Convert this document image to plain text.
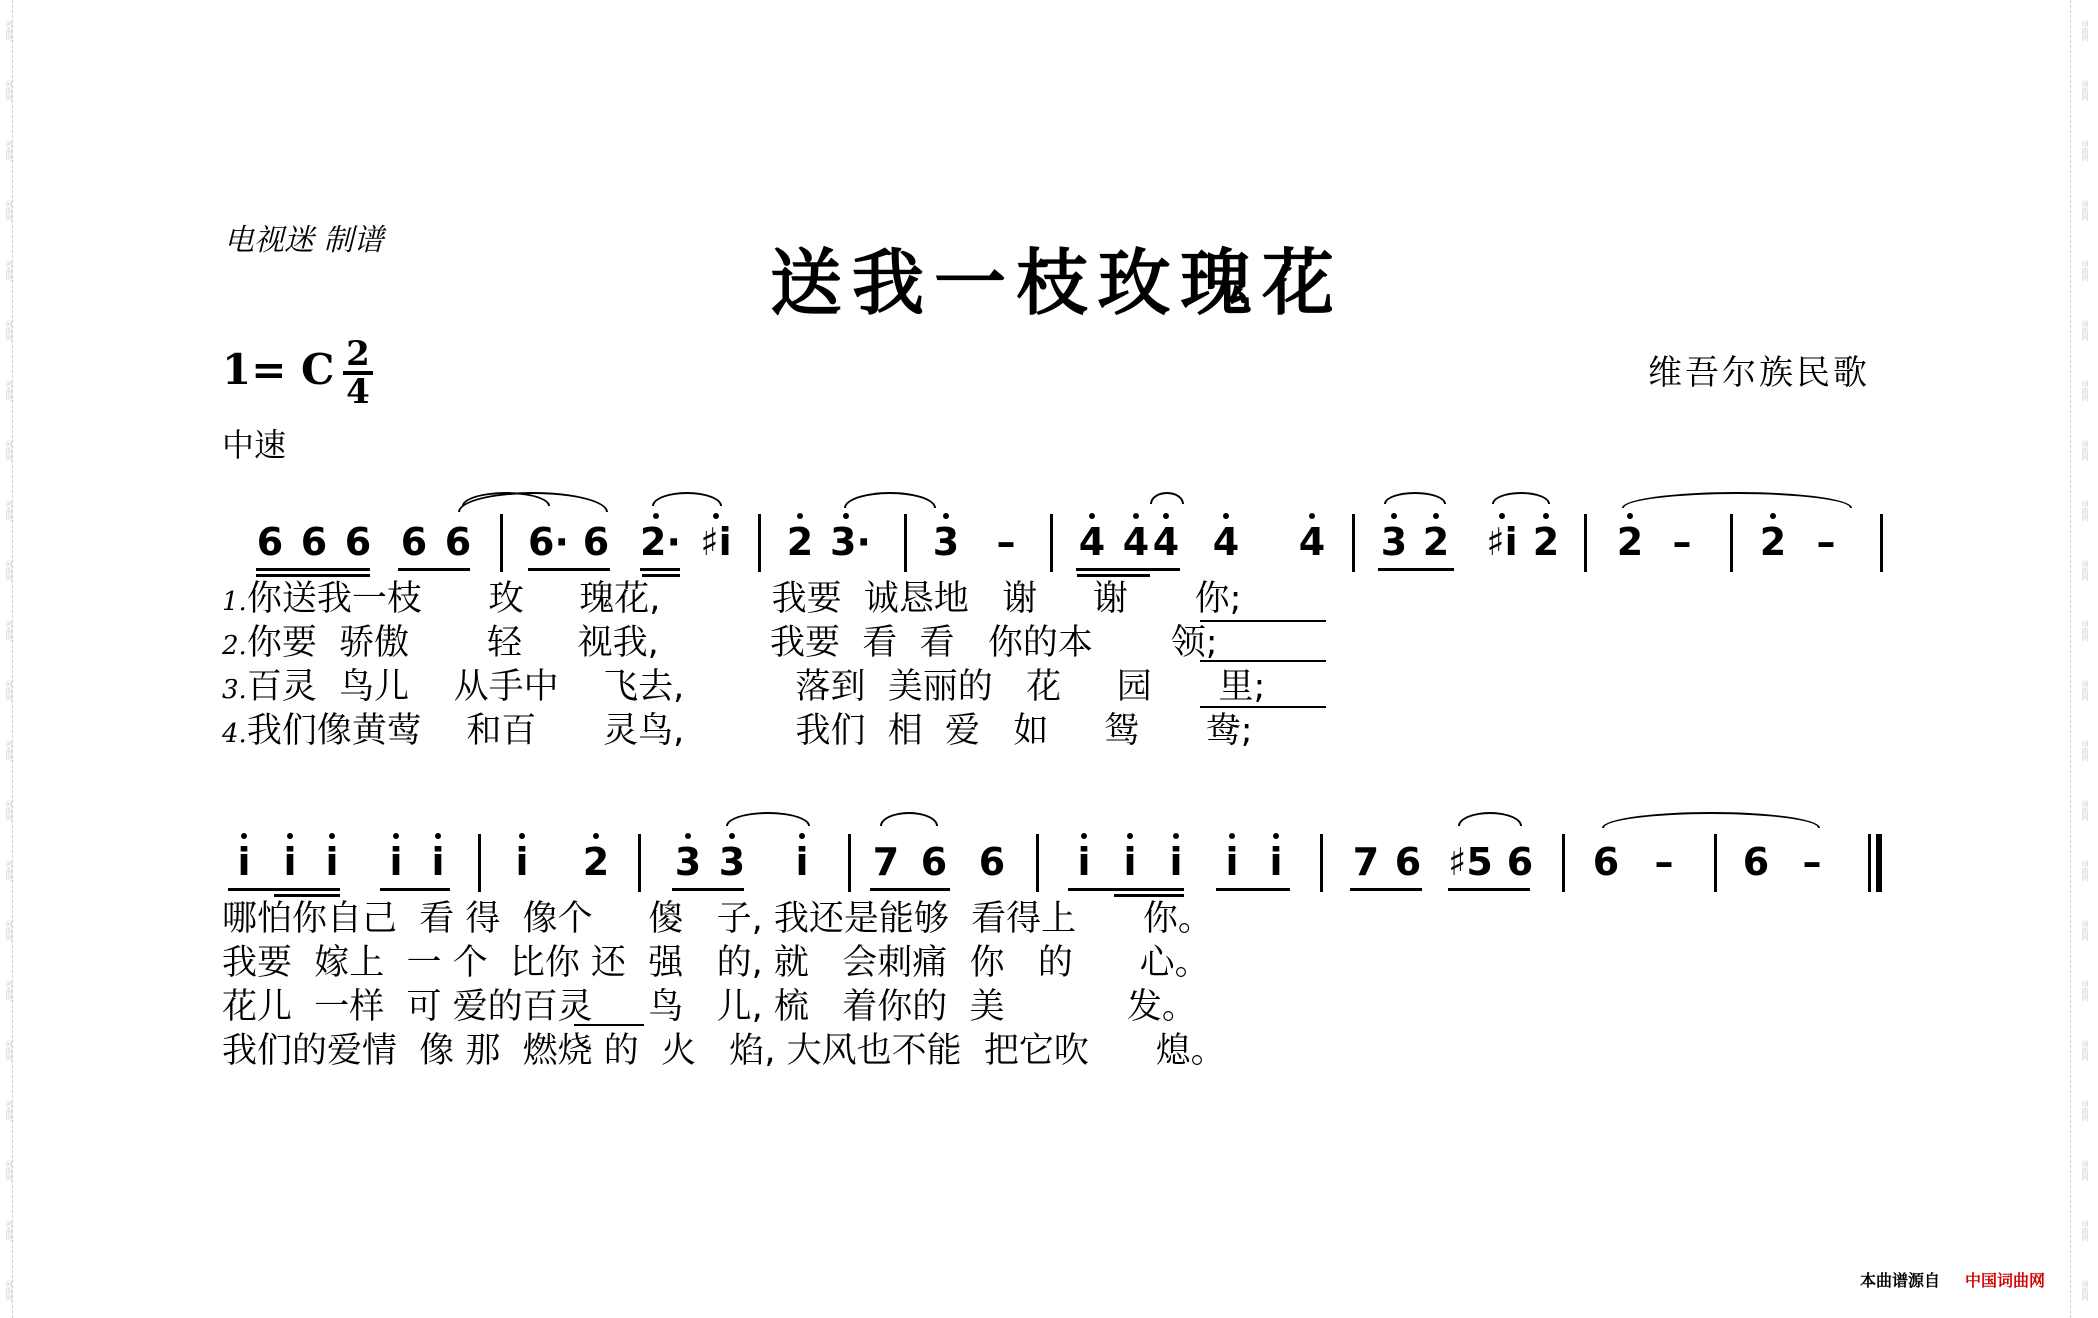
电视迷 制谱	送我一枝玫瑰花
维吾尔族民歌
1= C 2
4
中速
6 6 6 6 6 6· 6 2· ♯i 2 3· 3 – 4 4 4 4 4 3 2 ♯i 2 2 – 2 –
i i i i i i 2 3 3 i 7 6 6 i i i i i 7 6 ♯5 6 6 – 6 –
1.你送我一枝      玫     瑰花,          我要  诚恳地   谢     谢      你;
2.你要  骄傲       轻     视我,          我要  看  看   你的本       领;
3.百灵  鸟儿    从手中    飞去,          落到  美丽的   花     园      里;
4.我们像黄莺    和百      灵鸟,          我们  相  爱   如     鸳      鸯;
哪怕你自己  看 得  像个     傻   子, 我还是能够  看得上      你。
我要  嫁上  一 个  比你 还  强   的, 就   会刺痛  你   的      心。
花儿  一样  可 爱的百灵     鸟   儿, 梳   着你的  美           发。
我们的爱情  像 那  燃烧 的  火   焰, 大风也不能  把它吹      熄。
本曲谱源自 中国词曲网
词曲网
词曲网
词曲网
词曲网
词曲网
词曲网
词曲网
词曲网
词曲网
词曲网
词曲网
词曲网
词曲网
词曲网
词曲网
词曲网
词曲网
词曲网
词曲网
词曲网
词曲网
词曲网
词曲网
词曲网
词曲网
词曲网
词曲网
词曲网
词曲网
词曲网
词曲网
词曲网
词曲网
词曲网
词曲网
词曲网
词曲网
词曲网
词曲网
词曲网
词曲网
词曲网
词曲网
词曲网
